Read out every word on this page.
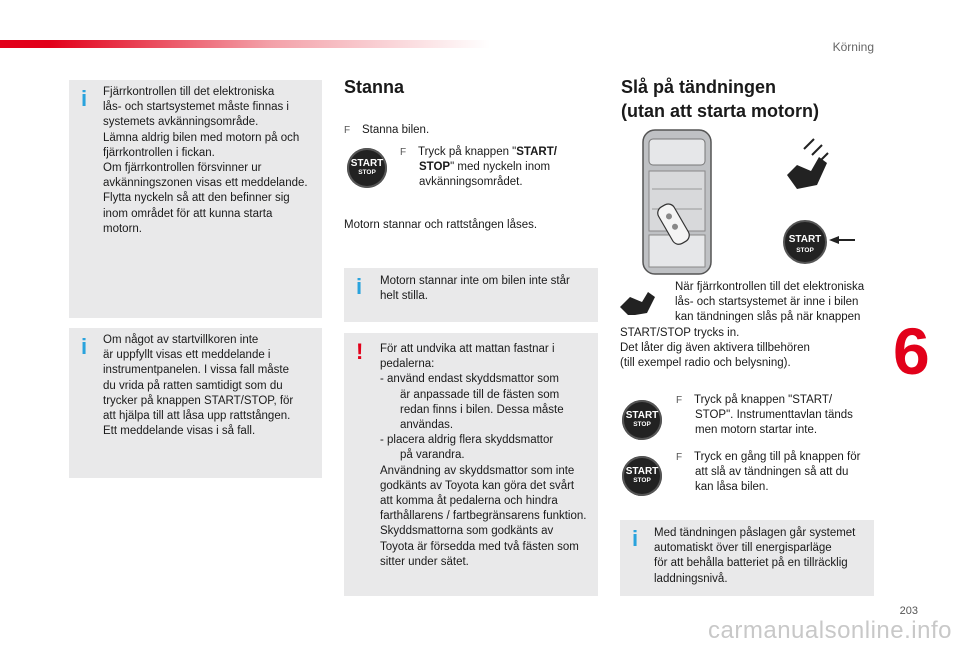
Körning
6
203
carmanualsonline.info
i Fjärrkontrollen till det elektroniska
lås- och startsystemet måste finnas i
systemets avkänningsområde.
Lämna aldrig bilen med motorn på och
fjärrkontrollen i fickan.
Om fjärrkontrollen försvinner ur
avkänningszonen visas ett meddelande.
Flytta nyckeln så att den befinner sig
inom området för att kunna starta
motorn.
i Om något av startvillkoren inte
är uppfyllt visas ett meddelande i
instrumentpanelen. I vissa fall måste
du vrida på ratten samtidigt som du
trycker på knappen START/STOP, för
att hjälpa till att låsa upp rattstången.
Ett meddelande visas i så fall.
Stanna
F Stanna bilen.
START
STOP
F Tryck på knappen "START/
STOP" med nyckeln inom
avkänningsområdet.
Motorn stannar och rattstången låses.
i Motorn stannar inte om bilen inte står
helt stilla.
! För att undvika att mattan fastnar i
pedalerna:
- använd endast skyddsmattor som
är anpassade till de fästen som
redan finns i bilen. Dessa måste
användas.
- placera aldrig flera skyddsmattor
på varandra.
Användning av skyddsmattor som inte
godkänts av Toyota kan göra det svårt
att komma åt pedalerna och hindra
farthållarens / fartbegränsarens funktion.
Skyddsmattorna som godkänts av
Toyota är försedda med två fästen som
sitter under sätet.
Slå på tändningen
(utan att starta motorn)
START
STOP
När fjärrkontrollen till det elektroniska
lås- och startsystemet är inne i bilen
kan tändningen slås på när knappen
START/STOP trycks in.
Det låter dig även aktivera tillbehören
(till exempel radio och belysning).
START
STOP
F Tryck på knappen "START/
STOP". Instrumenttavlan tänds
men motorn startar inte.
START
STOP
F Tryck en gång till på knappen för
att slå av tändningen så att du
kan låsa bilen.
i Med tändningen påslagen går systemet
automatiskt över till energisparläge
för att behålla batteriet på en tillräcklig
laddningsnivå.
